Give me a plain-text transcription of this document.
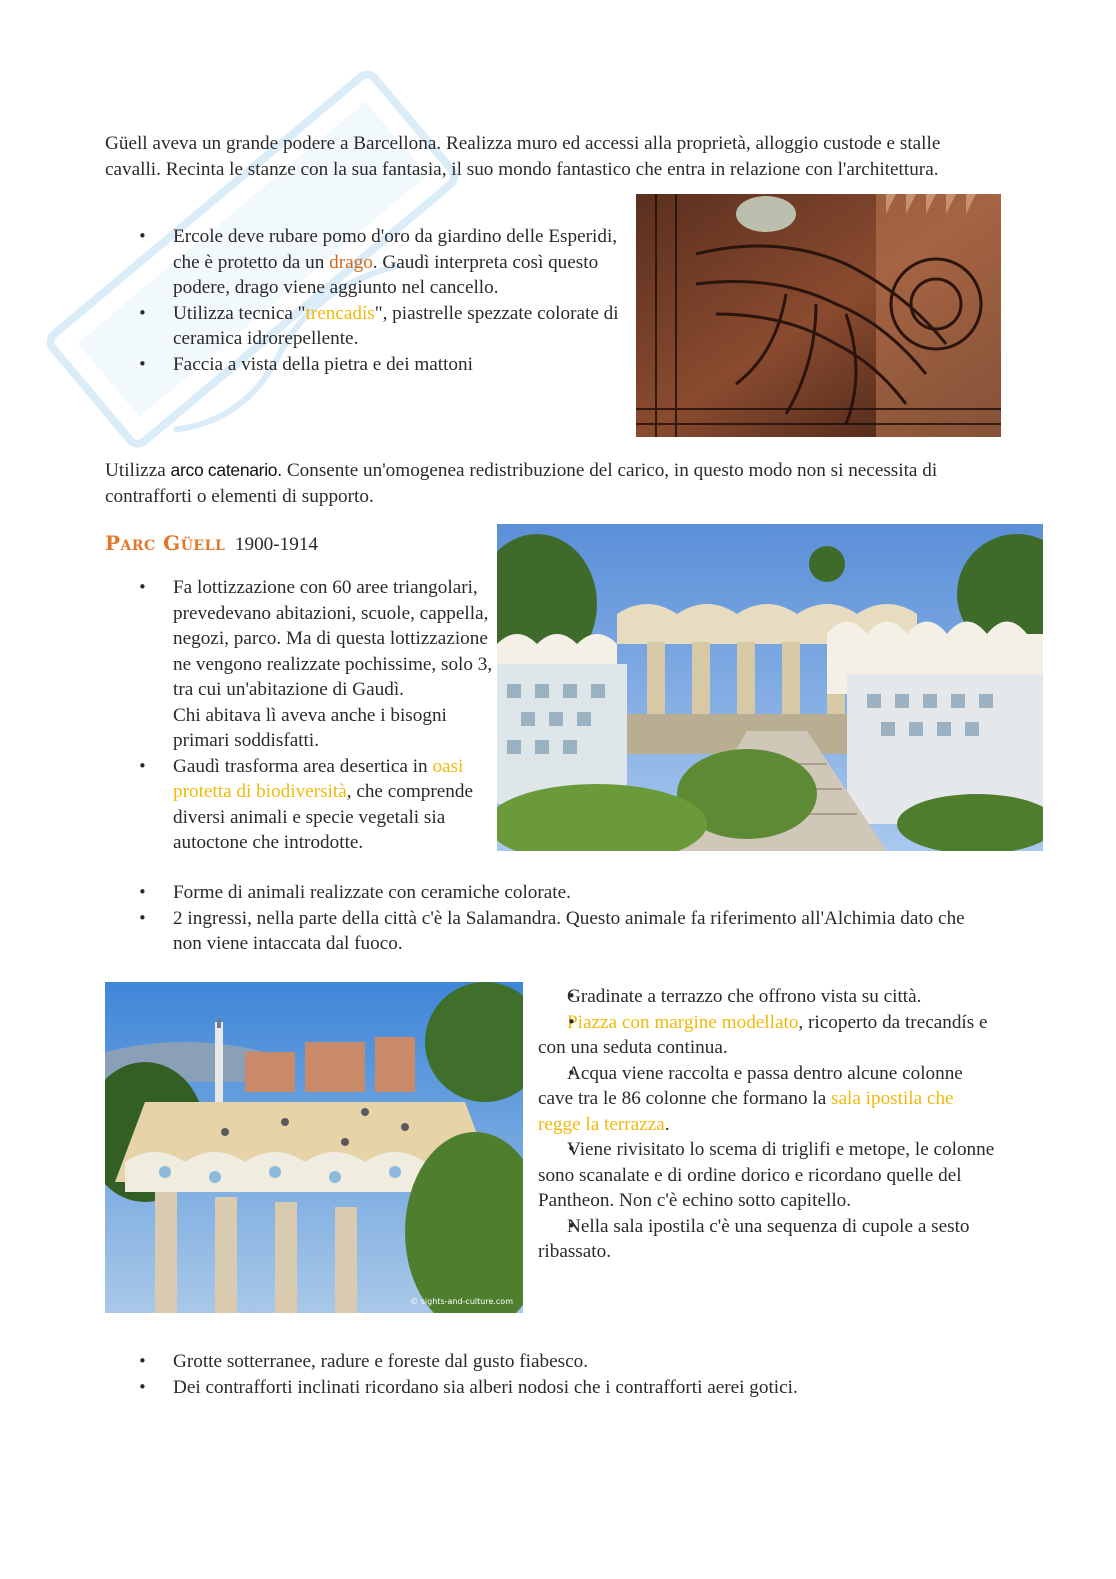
Güell aveva un grande podere a Barcellona. Realizza muro ed accessi alla proprietà, alloggio custode e stalle cavalli. Recinta le stanze con la sua fantasia, il suo mondo fantastico che entra in relazione con l'architettura.

• Ercole deve rubare pomo d'oro da giardino delle Esperidi, che è protetto da un drago. Gaudì interpreta così questo podere, drago viene aggiunto nel cancello.
• Utilizza tecnica "trencadís", piastrelle spezzate colorate di ceramica idrorepellente.
• Faccia a vista della pietra e dei mattoni

Utilizza arco catenario. Consente un'omogenea redistribuzione del carico, in questo modo non si necessita di contrafforti o elementi di supporto.

Parc Güell 1900-1914

• Fa lottizzazione con 60 aree triangolari, prevedevano abitazioni, scuole, cappella, negozi, parco. Ma di questa lottizzazione ne vengono realizzate pochissime, solo 3, tra cui un'abitazione di Gaudì.
Chi abitava lì aveva anche i bisogni primari soddisfatti.
• Gaudì trasforma area desertica in oasi protetta di biodiversità, che comprende diversi animali e specie vegetali sia autoctone che introdotte.
• Forme di animali realizzate con ceramiche colorate.
• 2 ingressi, nella parte della città c'è la Salamandra. Questo animale fa riferimento all'Alchimia dato che non viene intaccata dal fuoco.
© sights-and-culture.com
• Gradinate a terrazzo che offrono vista su città.
• Piazza con margine modellato, ricoperto da trecandís e con una seduta continua.
• Acqua viene raccolta e passa dentro alcune colonne cave tra le 86 colonne che formano la sala ipostila che regge la terrazza.
• Viene rivisitato lo scema di triglifi e metope, le colonne sono scanalate e di ordine dorico e ricordano quelle del Pantheon. Non c'è echino sotto capitello.
• Nella sala ipostila c'è una sequenza di cupole a sesto ribassato.
• Grotte sotterranee, radure e foreste dal gusto fiabesco.
• Dei contrafforti inclinati ricordano sia alberi nodosi che i contrafforti aerei gotici.
